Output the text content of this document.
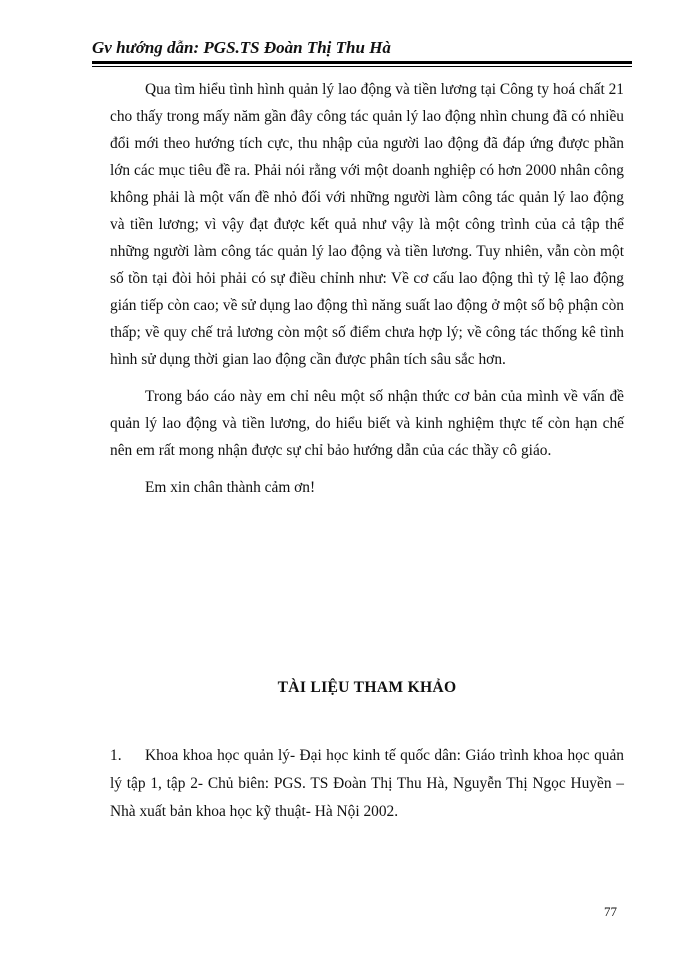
Gv hướng dẫn: PGS.TS Đoàn Thị Thu Hà

Qua tìm hiểu tình hình quản lý lao động và tiền lương tại Công ty hoá chất 21 cho thấy trong mấy năm gần đây công tác quản lý lao động nhìn chung đã có nhiều đổi mới theo hướng tích cực, thu nhập của người lao động đã đáp ứng được phần lớn các mục tiêu đề ra. Phải nói rằng với một doanh nghiệp có hơn 2000 nhân công không phải là một vấn đề nhỏ đối với những người làm công tác quản lý lao động và tiền lương; vì vậy đạt được kết quả như vậy là một công trình của cả tập thể những người làm công tác quản lý lao động và tiền lương. Tuy nhiên, vẫn còn một số tồn tại đòi hỏi phải có sự điều chỉnh như: Về cơ cấu lao động thì tỷ lệ lao động gián tiếp còn cao; về sử dụng lao động thì năng suất lao động ở một số bộ phận còn thấp; về quy chế trả lương còn một số điểm chưa hợp lý; về công tác thống kê tình hình sử dụng thời gian lao động cần được phân tích sâu sắc hơn.

Trong báo cáo này em chỉ nêu một số nhận thức cơ bản của mình về vấn đề quản lý lao động và tiền lương, do hiểu biết và kinh nghiệm thực tế còn hạn chế nên em rất mong nhận được sự chỉ bảo hướng dẫn của các thầy cô giáo.

Em xin chân thành cảm ơn!

TÀI LIỆU THAM KHẢO

1. Khoa khoa học quản lý- Đại học kinh tế quốc dân: Giáo trình khoa học quản lý tập 1, tập 2- Chủ biên: PGS. TS Đoàn Thị Thu Hà, Nguyễn Thị Ngọc Huyền – Nhà xuất bản khoa học kỹ thuật- Hà Nội 2002.

77
